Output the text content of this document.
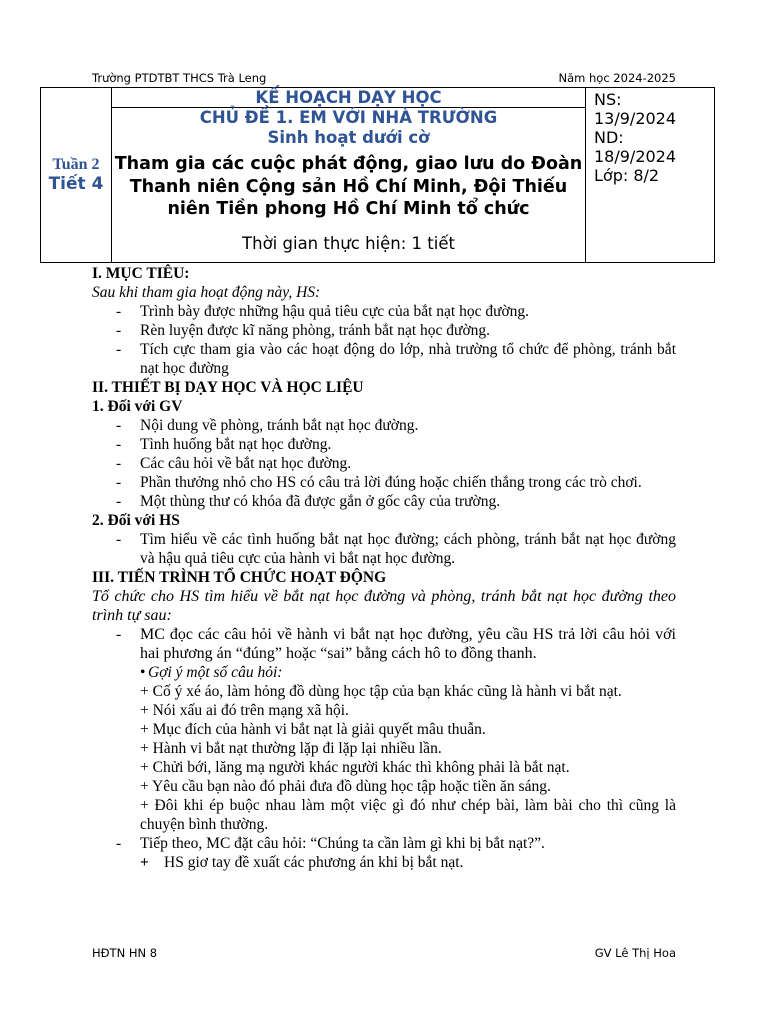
Trường PTDTBT THCS Trà Leng	Năm học 2024-2025
Tuần 2
Tiết 4

KẾ HOẠCH DẠY HỌC
CHỦ ĐỀ 1. EM VỚI NHÀ TRƯỜNG
Sinh hoạt dưới cờ
Tham gia các cuộc phát động, giao lưu do Đoàn Thanh niên Cộng sản Hồ Chí Minh, Đội Thiếu niên Tiền phong Hồ Chí Minh tổ chức
Thời gian thực hiện: 1 tiết

NS:
13/9/2024
ND:
18/9/2024
Lớp: 8/2
I. MỤC TIÊU:
Sau khi tham gia hoạt động này, HS:
- Trình bày được những hậu quả tiêu cực của bắt nạt học đường.
- Rèn luyện được kĩ năng phòng, tránh bắt nạt học đường.
- Tích cực tham gia vào các hoạt động do lớp, nhà trường tổ chức để phòng, tránh bắt nạt học đường
II. THIẾT BỊ DẠY HỌC VÀ HỌC LIỆU
1. Đối với GV
- Nội dung về phòng, tránh bắt nạt học đường.
- Tình huống bắt nạt học đường.
- Các câu hỏi về bắt nạt học đường.
- Phần thưởng nhỏ cho HS có câu trả lời đúng hoặc chiến thắng trong các trò chơi.
- Một thùng thư có khóa đã được gắn ở gốc cây của trường.
2. Đối với HS
- Tìm hiểu về các tình huống bắt nạt học đường; cách phòng, tránh bắt nạt học đường và hậu quả tiêu cực của hành vi bắt nạt học đường.
III. TIẾN TRÌNH TỔ CHỨC HOẠT ĐỘNG
Tổ chức cho HS tìm hiểu về bắt nạt học đường và phòng, tránh bắt nạt học đường theo trình tự sau:
- MC đọc các câu hỏi về hành vi bắt nạt học đường, yêu cầu HS trả lời câu hỏi với hai phương án “đúng” hoặc “sai” bằng cách hô to đồng thanh.
• Gợi ý một số câu hỏi:
+ Cố ý xé áo, làm hỏng đồ dùng học tập của bạn khác cũng là hành vi bắt nạt.
+ Nói xấu ai đó trên mạng xã hội.
+ Mục đích của hành vi bắt nạt là giải quyết mâu thuẫn.
+ Hành vi bắt nạt thường lặp đi lặp lại nhiều lần.
+ Chửi bới, lăng mạ người khác người khác thì không phải là bắt nạt.
+ Yêu cầu bạn nào đó phải đưa đồ dùng học tập hoặc tiền ăn sáng.
+ Đôi khi ép buộc nhau làm một việc gì đó như chép bài, làm bài cho thì cũng là chuyện bình thường.
- Tiếp theo, MC đặt câu hỏi: “Chúng ta cần làm gì khi bị bắt nạt?”.
+ HS giơ tay đề xuất các phương án khi bị bắt nạt.
HĐTN HN 8	GV Lê Thị Hoa
